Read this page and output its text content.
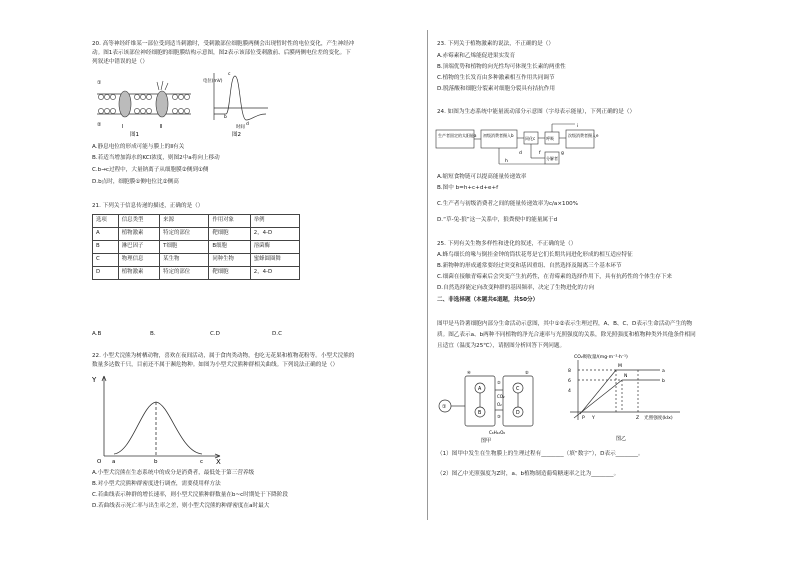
20. 高等神经纤维某一部位受到适当刺激时，受刺激部位细胞膜两侧会出现暂时性的电位变化，产生神经冲
动。图1表示该部位神经细胞的细胞膜结构示意图，图2表示该部位受刺激前、后膜两侧电位差的变化。下
列叙述中错误的是（）
①
②	Ⅰ	Ⅱ
图1
电位(mV)
c
b
d
时间
图2
A.静息电位的形成可能与膜上的Ⅱ有关
B.若适当增加海水的KCl浓度，则图2中a将向上移动
C.b→c过程中，大量钠离子从细胞膜②侧到①侧
D.b点时，细胞膜①侧电位比②侧高
21. 下列关于信息传递的描述，正确的是（）
选项	信息类型	来源	作用对象	举例
A	植物激素	特定的部位	靶细胞	2，4-D
B	淋巴因子	T细胞	B细胞	溶菌酶
C	物理信息	某生物	同种生物	蜜蜂圆圈舞
D	植物激素	特定的部位	靶细胞	2，4-D
A.B	B.	C.D	D.C
22. 小型犬浣熊为树栖动物，喜欢在夜间活动，属于食肉类动物，也吃无花果和植物花粉等。小型犬浣熊的
数量多达数千只，目前还不属于濒危物种。如图为小型犬浣熊种群相关曲线。下列说法正确的是（）
Y
X
a	b	c
O
A.小型犬浣熊在生态系统中的成分是消费者，最低处于第三营养级
B.对小型犬浣熊种群密度进行调查，需要使用样方法
C.若曲线表示种群的增长速率，则小型犬浣熊种群数量在b~c时期处于下降阶段
D.若曲线表示死亡率与出生率之差，则小型犬浣熊的种群密度在a时最大
23. 下列关于植物激素的说法，不正确的是（）
A.赤霉素和乙烯能促进果实发育
B.顶端优势和植物的向光性均可体现生长素的两重性
C.植物的生长发育由多种激素相互作用共同调节
D.脱落酸和细胞分裂素对细胞分裂具有拮抗作用
24. 如图为生态系统中能量流动部分示意图（字母表示能量），下列正确的是（）
生产者固定的太阳能a 初级消费者摄入b
同化c
次级消费者摄入e
呼吸
分解者
d	f	g
h
i
A.缩短食物链可以提高能量传递效率
B.图中 b=h+c+d+e+f
C.生产者与初级消费者之间的能量传递效率为c/a×100%
D.“草-兔-狼”这一关系中，狼粪便中的能量属于d
25. 下列有关生物多样性和进化的叙述，不正确的是（）
A.蜂鸟细长的喙与倒挂金钟的筒状花萼是它们长期共同进化形成的相互适应特征
B.新物种的形成通常要经过突变和基因重组、自然选择及隔离三个基本环节
C.细菌在接触青霉素后会突变产生抗药性，在青霉素的选择作用下，具有抗药性的个体生存下来
D.自然选择能定向改变种群的基因频率，决定了生物进化的方向
二、非选择题（本题共6道题，共50分）
图甲是马铃薯细胞内部分生命活动示意图，其中①②表示生理过程，A、B、C、D表示生命活动产生的物
质。图乙表示a、b两种不同植物的净光合速率与光照强度的关系，除光照强度和植物种类外其他条件相同
且适宜（温度为25℃），请据图分析回答下列问题。
①
A
B
C
D
②
③
④	⑤
CO₂
O₂
C₆H₁₂O₆
图甲
CO₂吸收量/(mg·m⁻²·h⁻¹)
8
6
4
M
N
a
b
P Y	Z 光照强度(klx)
图乙
（1）图甲中发生在生物膜上的生理过程有________（填“数字”），D表示________。
（2）图乙中光照强度为Z时，a、b植物制造葡萄糖速率之比为________。
